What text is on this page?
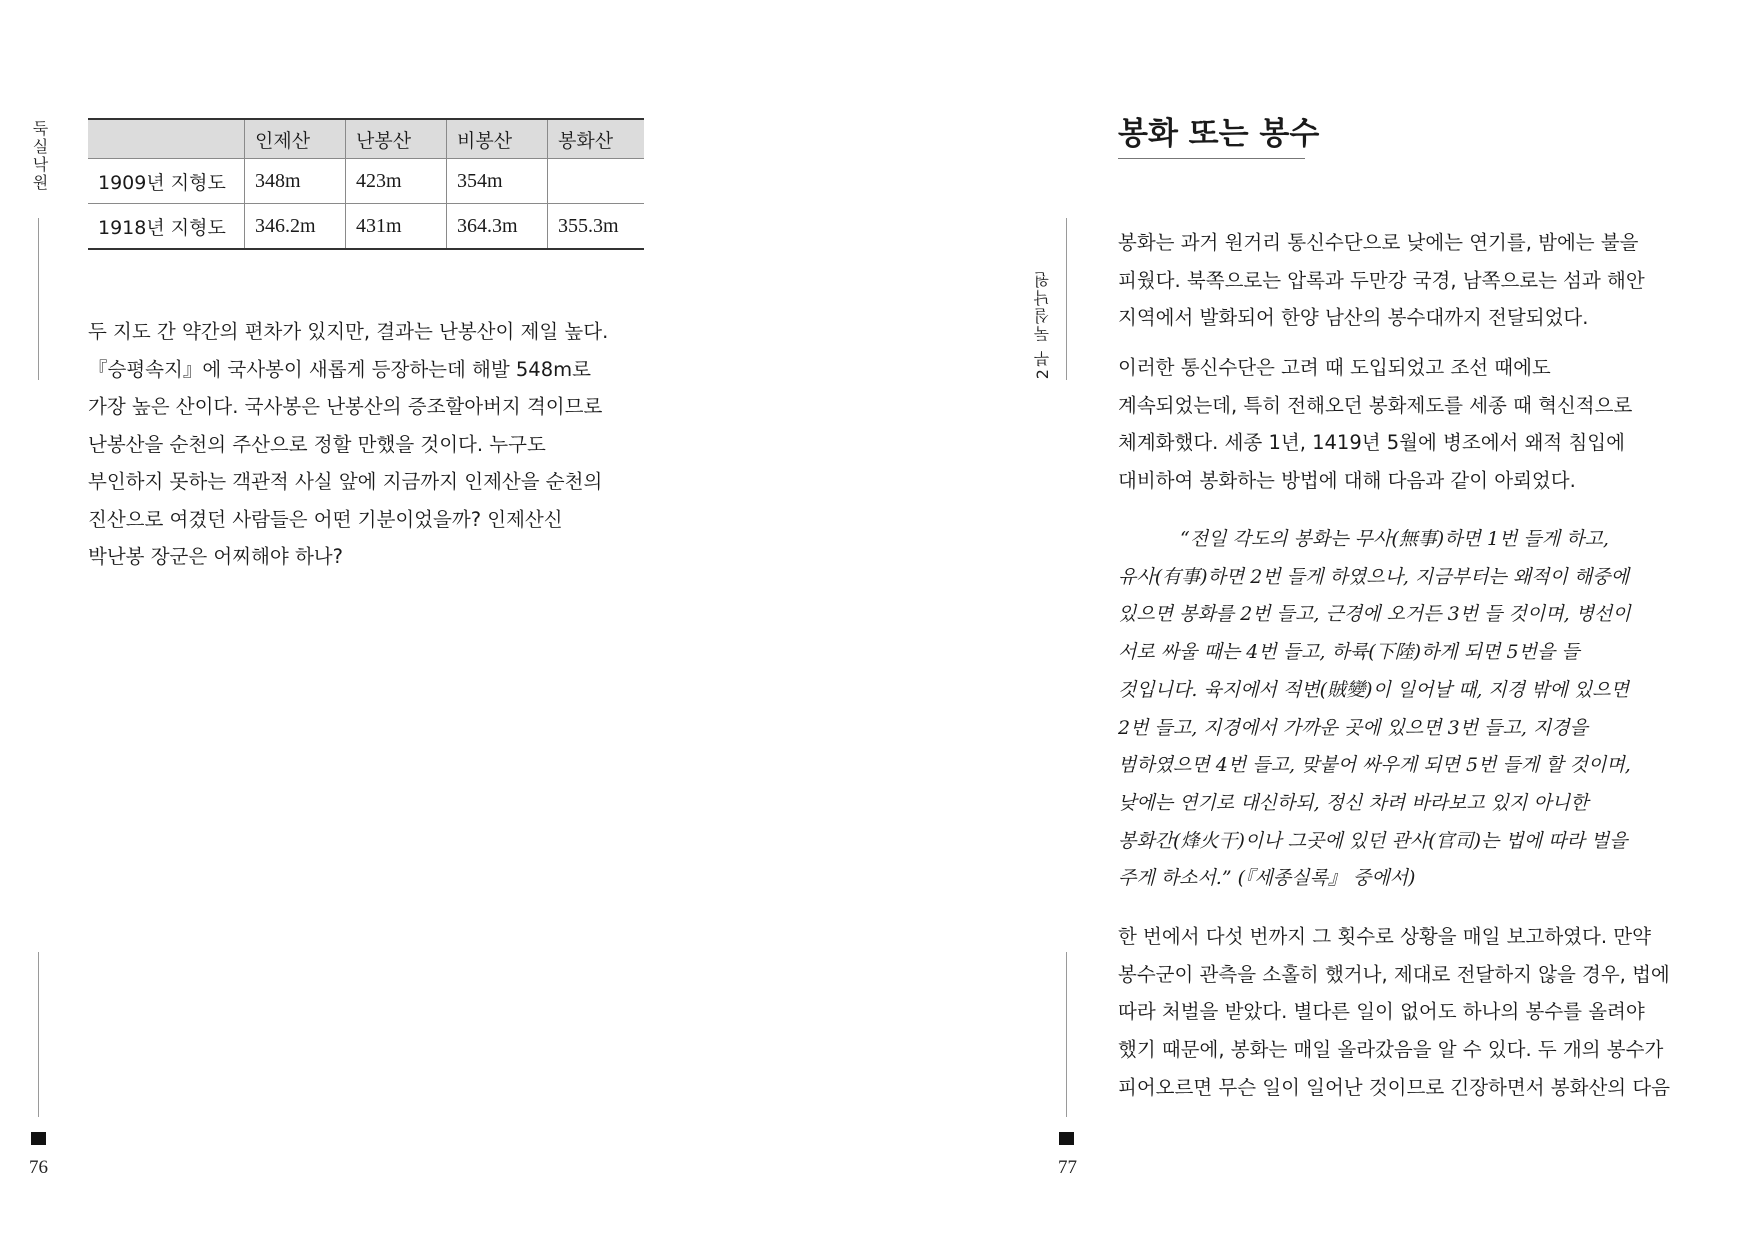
둑실낙원
76
	인제산	난봉산	비봉산	봉화산
1909년 지형도	348m	423m	354m	
1918년 지형도	346.2m	431m	364.3m	355.3m
두 지도 간 약간의 편차가 있지만, 결과는 난봉산이 제일 높다.
『승평속지』에 국사봉이 새롭게 등장하는데 해발 548m로
가장 높은 산이다. 국사봉은 난봉산의 증조할아버지 격이므로
난봉산을 순천의 주산으로 정할 만했을 것이다. 누구도
부인하지 못하는 객관적 사실 앞에 지금까지 인제산을 순천의
진산으로 여겼던 사람들은 어떤 기분이었을까? 인제산신
박난봉 장군은 어찌해야 하나?
2부 둑실낙원
77
봉화 또는 봉수
봉화는 과거 원거리 통신수단으로 낮에는 연기를, 밤에는 불을
피웠다. 북쪽으로는 압록과 두만강 국경, 남쪽으로는 섬과 해안
지역에서 발화되어 한양 남산의 봉수대까지 전달되었다.
이러한 통신수단은 고려 때 도입되었고 조선 때에도
계속되었는데, 특히 전해오던 봉화제도를 세종 때 혁신적으로
체계화했다. 세종 1년, 1419년 5월에 병조에서 왜적 침입에
대비하여 봉화하는 방법에 대해 다음과 같이 아뢰었다.
“전일 각도의 봉화는 무사(無事)하면 1번 들게 하고,
유사(有事)하면 2번 들게 하였으나, 지금부터는 왜적이 해중에
있으면 봉화를 2번 들고, 근경에 오거든 3번 들 것이며, 병선이
서로 싸울 때는 4번 들고, 하륙(下陸)하게 되면 5번을 들
것입니다. 육지에서 적변(賊變)이 일어날 때, 지경 밖에 있으면
2번 들고, 지경에서 가까운 곳에 있으면 3번 들고, 지경을
범하였으면 4번 들고, 맞붙어 싸우게 되면 5번 들게 할 것이며,
낮에는 연기로 대신하되, 정신 차려 바라보고 있지 아니한
봉화간(烽火干)이나 그곳에 있던 관사(官司)는 법에 따라 벌을
주게 하소서.” (『세종실록』 중에서)
한 번에서 다섯 번까지 그 횟수로 상황을 매일 보고하였다. 만약
봉수군이 관측을 소홀히 했거나, 제대로 전달하지 않을 경우, 법에
따라 처벌을 받았다. 별다른 일이 없어도 하나의 봉수를 올려야
했기 때문에, 봉화는 매일 올라갔음을 알 수 있다. 두 개의 봉수가
피어오르면 무슨 일이 일어난 것이므로 긴장하면서 봉화산의 다음
